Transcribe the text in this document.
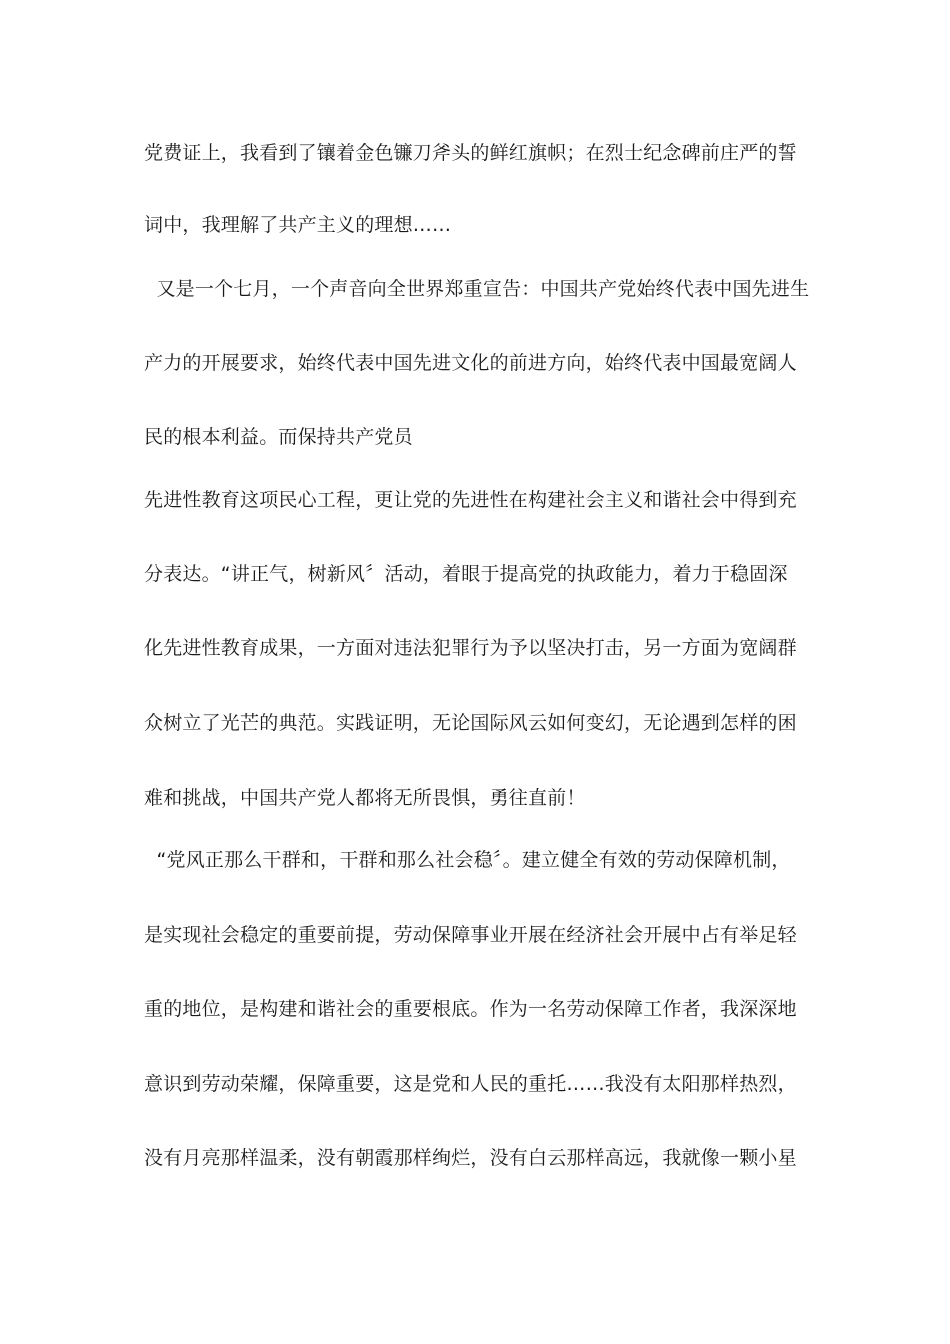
党费证上，我看到了镶着金色镰刀斧头的鲜红旗帜；在烈士纪念碑前庄严的誓
词中，我理解了共产主义的理想……
又是一个七月，一个声音向全世界郑重宣告：中国共产党始终代表中国先进生
产力的开展要求，始终代表中国先进文化的前进方向，始终代表中国最宽阔人
民的根本利益。而保持共产党员
先进性教育这项民心工程，更让党的先进性在构建社会主义和谐社会中得到充
分表达。“讲正气，树新风〞活动，着眼于提高党的执政能力，着力于稳固深
化先进性教育成果，一方面对违法犯罪行为予以坚决打击，另一方面为宽阔群
众树立了光芒的典范。实践证明，无论国际风云如何变幻，无论遇到怎样的困
难和挑战，中国共产党人都将无所畏惧，勇往直前！
“党风正那么干群和，干群和那么社会稳〞。建立健全有效的劳动保障机制，
是实现社会稳定的重要前提，劳动保障事业开展在经济社会开展中占有举足轻
重的地位，是构建和谐社会的重要根底。作为一名劳动保障工作者，我深深地
意识到劳动荣耀，保障重要，这是党和人民的重托……我没有太阳那样热烈，
没有月亮那样温柔，没有朝霞那样绚烂，没有白云那样高远，我就像一颗小星
